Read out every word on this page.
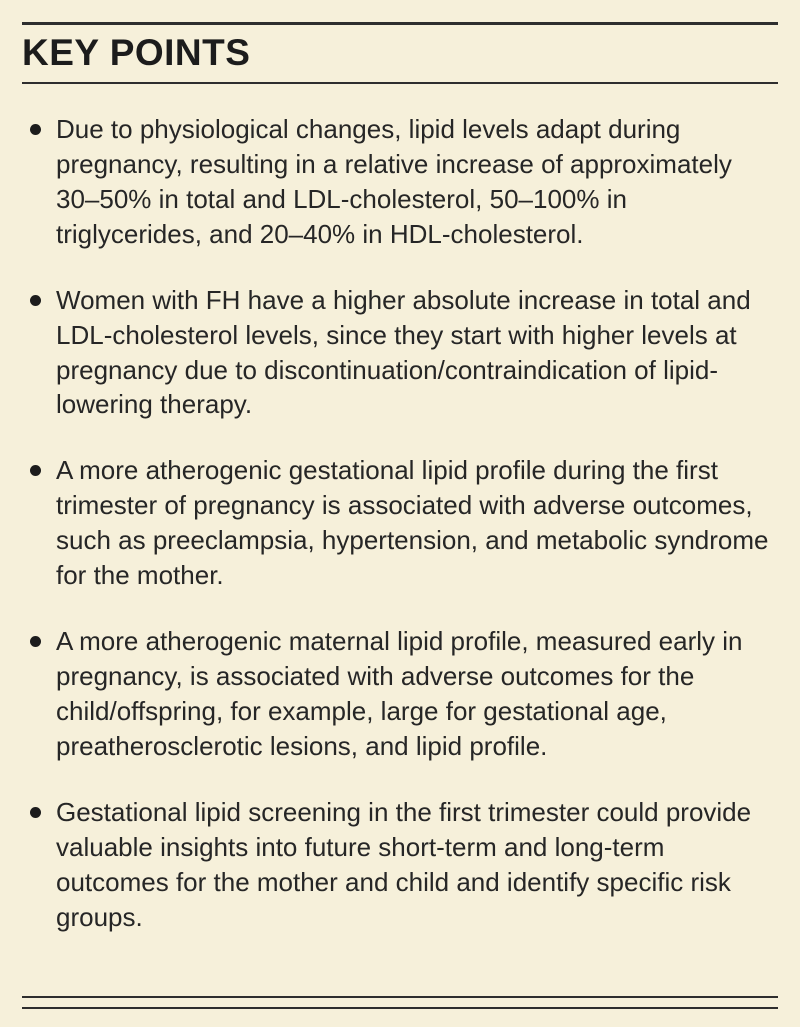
KEY POINTS
Due to physiological changes, lipid levels adapt during pregnancy, resulting in a relative increase of approximately 30–50% in total and LDL-cholesterol, 50–100% in triglycerides, and 20–40% in HDL-cholesterol.
Women with FH have a higher absolute increase in total and LDL-cholesterol levels, since they start with higher levels at pregnancy due to discontinuation/contraindication of lipid-lowering therapy.
A more atherogenic gestational lipid profile during the first trimester of pregnancy is associated with adverse outcomes, such as preeclampsia, hypertension, and metabolic syndrome for the mother.
A more atherogenic maternal lipid profile, measured early in pregnancy, is associated with adverse outcomes for the child/offspring, for example, large for gestational age, preatherosclerotic lesions, and lipid profile.
Gestational lipid screening in the first trimester could provide valuable insights into future short-term and long-term outcomes for the mother and child and identify specific risk groups.
